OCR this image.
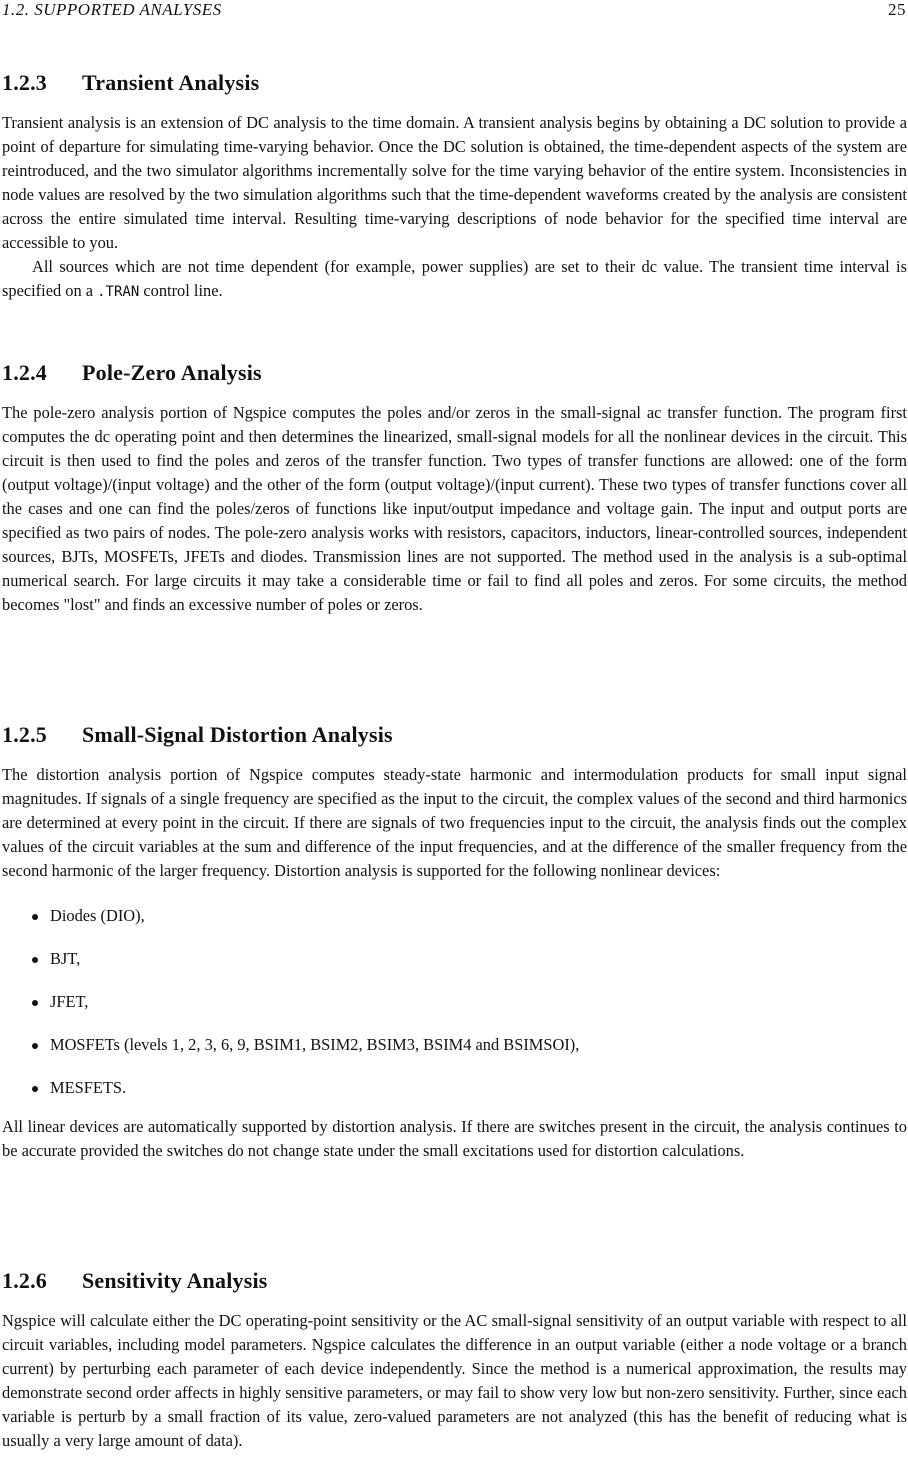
1.2. SUPPORTED ANALYSES	25
1.2.3 Transient Analysis

Transient analysis is an extension of DC analysis to the time domain. A transient analysis begins by obtaining a DC solution to provide a point of departure for simulating time-varying behavior. Once the DC solution is obtained, the time-dependent aspects of the system are reintroduced, and the two simulator algorithms incrementally solve for the time varying behavior of the entire system. Inconsistencies in node values are resolved by the two simulation algorithms such that the time-dependent waveforms created by the analysis are consistent across the entire simulated time interval. Resulting time-varying descriptions of node behavior for the specified time interval are accessible to you.

All sources which are not time dependent (for example, power supplies) are set to their dc value. The transient time interval is specified on a .TRAN control line.

1.2.4 Pole-Zero Analysis

The pole-zero analysis portion of Ngspice computes the poles and/or zeros in the small-signal ac transfer function. The program first computes the dc operating point and then determines the linearized, small-signal models for all the nonlinear devices in the circuit. This circuit is then used to find the poles and zeros of the transfer function. Two types of transfer functions are allowed: one of the form (output voltage)/(input voltage) and the other of the form (output voltage)/(input current). These two types of transfer functions cover all the cases and one can find the poles/zeros of functions like input/output impedance and voltage gain. The input and output ports are specified as two pairs of nodes. The pole-zero analysis works with resistors, capacitors, inductors, linear-controlled sources, independent sources, BJTs, MOSFETs, JFETs and diodes. Transmission lines are not supported. The method used in the analysis is a sub-optimal numerical search. For large circuits it may take a considerable time or fail to find all poles and zeros. For some circuits, the method becomes "lost" and finds an excessive number of poles or zeros.

1.2.5 Small-Signal Distortion Analysis

The distortion analysis portion of Ngspice computes steady-state harmonic and intermodulation products for small input signal magnitudes. If signals of a single frequency are specified as the input to the circuit, the complex values of the second and third harmonics are determined at every point in the circuit. If there are signals of two frequencies input to the circuit, the analysis finds out the complex values of the circuit variables at the sum and difference of the input frequencies, and at the difference of the smaller frequency from the second harmonic of the larger frequency. Distortion analysis is supported for the following nonlinear devices:

Diodes (DIO),
BJT,
JFET,
MOSFETs (levels 1, 2, 3, 6, 9, BSIM1, BSIM2, BSIM3, BSIM4 and BSIMSOI),
MESFETS.

All linear devices are automatically supported by distortion analysis. If there are switches present in the circuit, the analysis continues to be accurate provided the switches do not change state under the small excitations used for distortion calculations.

1.2.6 Sensitivity Analysis

Ngspice will calculate either the DC operating-point sensitivity or the AC small-signal sensitivity of an output variable with respect to all circuit variables, including model parameters. Ngspice calculates the difference in an output variable (either a node voltage or a branch current) by perturbing each parameter of each device independently. Since the method is a numerical approximation, the results may demonstrate second order affects in highly sensitive parameters, or may fail to show very low but non-zero sensitivity. Further, since each variable is perturb by a small fraction of its value, zero-valued parameters are not analyzed (this has the benefit of reducing what is usually a very large amount of data).
